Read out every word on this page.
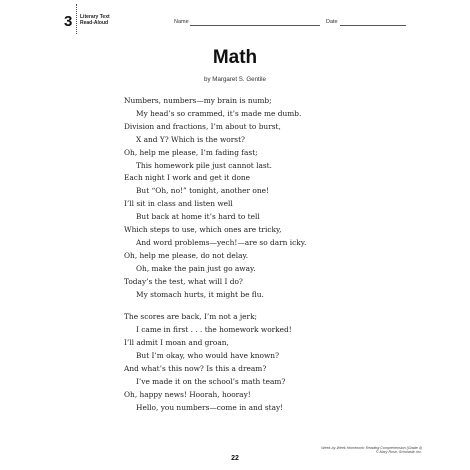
3 Literary Text
Read-Aloud	Name	Date
Math
by Margaret S. Gentile
Numbers, numbers—my brain is numb;
My head’s so crammed, it’s made me dumb.
Division and fractions, I’m about to burst,
X and Y? Which is the worst?
Oh, help me please, I’m fading fast;
This homework pile just cannot last.
Each night I work and get it done
But “Oh, no!” tonight, another one!
I’ll sit in class and listen well
But back at home it’s hard to tell
Which steps to use, which ones are tricky,
And word problems—yech!—are so darn icky.
Oh, help me please, do not delay.
Oh, make the pain just go away.
Today’s the test, what will I do?
My stomach hurts, it might be flu.
The scores are back, I’m not a jerk;
I came in first . . . the homework worked!
I’ll admit I moan and groan,
But I’m okay, who would have known?
And what’s this now? Is this a dream?
I’ve made it on the school’s math team?
Oh, happy news! Hoorah, hooray!
Hello, you numbers—come in and stay!
Week-by-Week Homework: Reading Comprehension (Grade 4)
© Mary Rose, Scholastic Inc.
22
